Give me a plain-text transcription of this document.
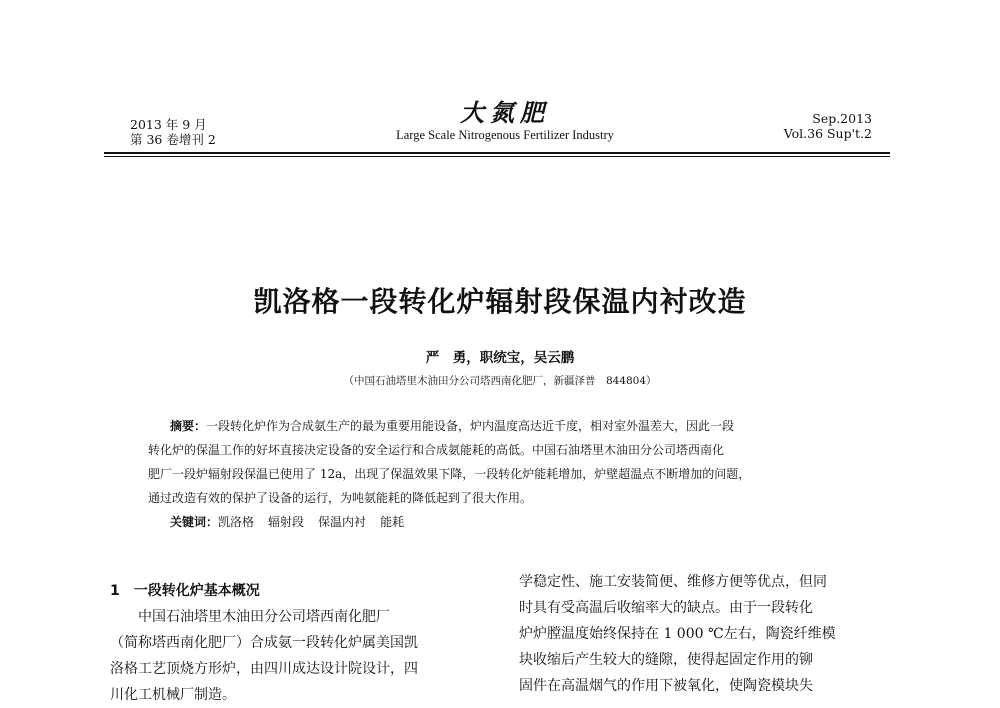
2013 年 9 月
第 36 卷增刊 2
大氮肥
Large Scale Nitrogenous Fertilizer Industry
Sep.2013
Vol.36 Sup't.2
凯洛格一段转化炉辐射段保温内衬改造
严　勇，职统宝，吴云鹏
（中国石油塔里木油田分公司塔西南化肥厂，新疆泽普　844804）
摘要：一段转化炉作为合成氨生产的最为重要用能设备，炉内温度高达近千度，相对室外温差大，因此一段
转化炉的保温工作的好坏直接决定设备的安全运行和合成氨能耗的高低。中国石油塔里木油田分公司塔西南化
肥厂一段炉辐射段保温已使用了 12a，出现了保温效果下降，一段转化炉能耗增加，炉壁超温点不断增加的问题，
通过改造有效的保护了设备的运行，为吨氨能耗的降低起到了很大作用。
关键词：凯洛格 辐射段 保温内衬 能耗
1　一段转化炉基本概况
中国石油塔里木油田分公司塔西南化肥厂
（简称塔西南化肥厂）合成氨一段转化炉属美国凯
洛格工艺顶烧方形炉，由四川成达设计院设计，四
川化工机械厂制造。
学稳定性、施工安装简便、维修方便等优点，但同
时具有受高温后收缩率大的缺点。由于一段转化
炉炉膛温度始终保持在 1 000 ℃左右，陶瓷纤维模
块收缩后产生较大的缝隙，使得起固定作用的铆
固件在高温烟气的作用下被氧化，使陶瓷模块失
